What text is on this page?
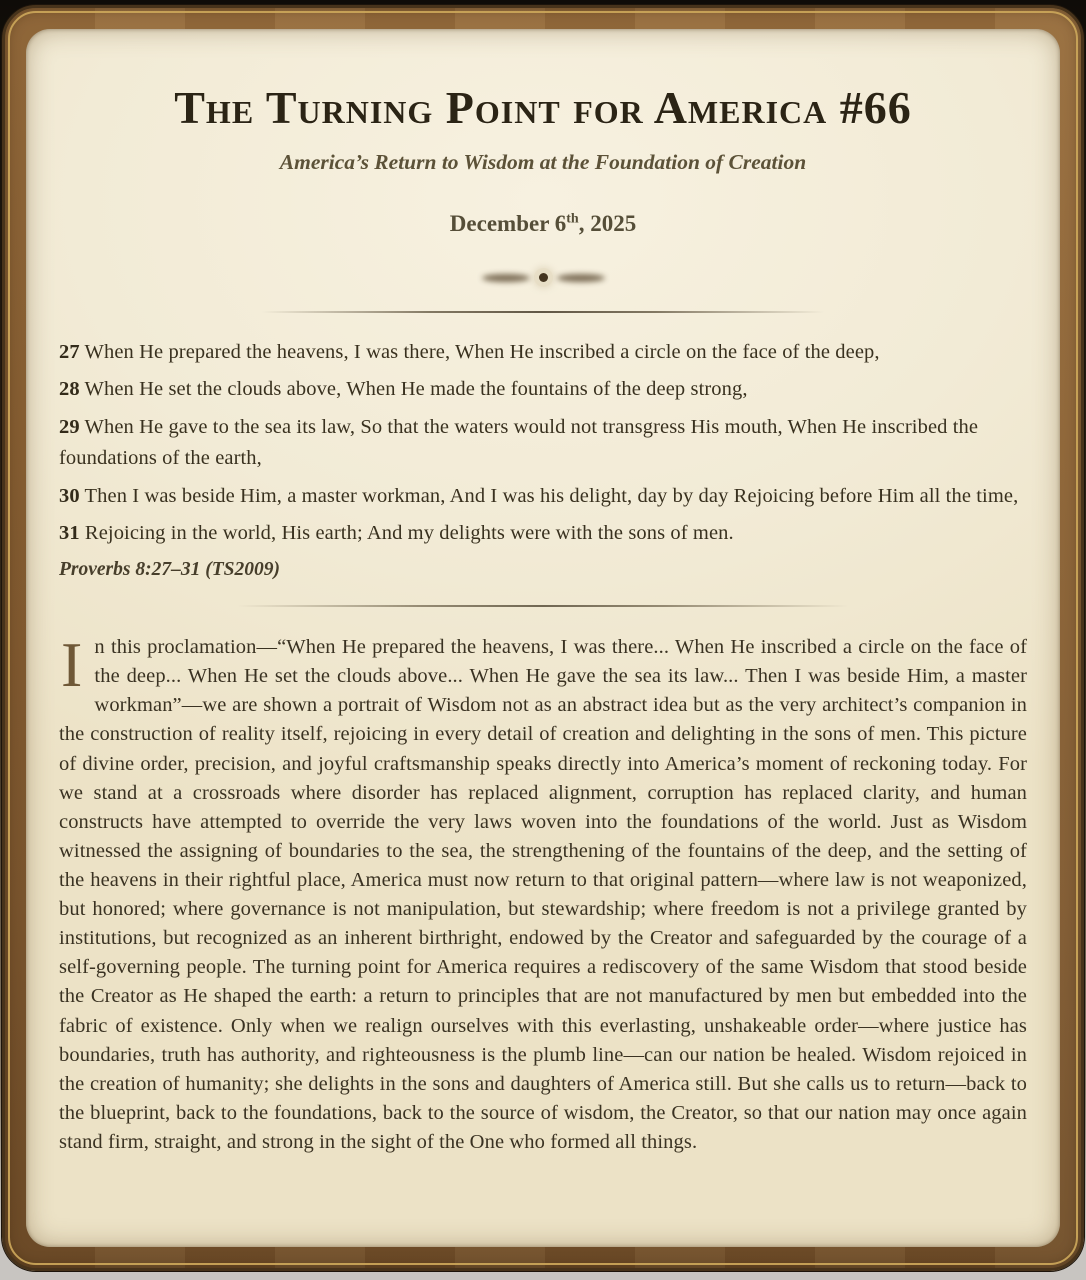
The Turning Point for America #66
America’s Return to Wisdom at the Foundation of Creation
December 6th, 2025

27 When He prepared the heavens, I was there, When He inscribed a circle on the face of the deep,

28 When He set the clouds above, When He made the fountains of the deep strong,

29 When He gave to the sea its law, So that the waters would not transgress His mouth, When He inscribed the foundations of the earth,

30 Then I was beside Him, a master workman, And I was his delight, day by day Rejoicing before Him all the time,

31 Rejoicing in the world, His earth; And my delights were with the sons of men.

Proverbs 8:27–31 (TS2009)

In this proclamation—“When He prepared the heavens, I was there... When He inscribed a circle on the face of the deep... When He set the clouds above... When He gave the sea its law... Then I was beside Him, a master workman”—we are shown a portrait of Wisdom not as an abstract idea but as the very architect’s companion in the construction of reality itself, rejoicing in every detail of creation and delighting in the sons of men. This picture of divine order, precision, and joyful craftsmanship speaks directly into America’s moment of reckoning today. For we stand at a crossroads where disorder has replaced alignment, corruption has replaced clarity, and human constructs have attempted to override the very laws woven into the foundations of the world. Just as Wisdom witnessed the assigning of boundaries to the sea, the strengthening of the fountains of the deep, and the setting of the heavens in their rightful place, America must now return to that original pattern—where law is not weaponized, but honored; where governance is not manipulation, but stewardship; where freedom is not a privilege granted by institutions, but recognized as an inherent birthright, endowed by the Creator and safeguarded by the courage of a self-governing people. The turning point for America requires a rediscovery of the same Wisdom that stood beside the Creator as He shaped the earth: a return to principles that are not manufactured by men but embedded into the fabric of existence. Only when we realign ourselves with this everlasting, unshakeable order—where justice has boundaries, truth has authority, and righteousness is the plumb line—can our nation be healed. Wisdom rejoiced in the creation of humanity; she delights in the sons and daughters of America still. But she calls us to return—back to the blueprint, back to the foundations, back to the source of wisdom, the Creator, so that our nation may once again stand firm, straight, and strong in the sight of the One who formed all things.
